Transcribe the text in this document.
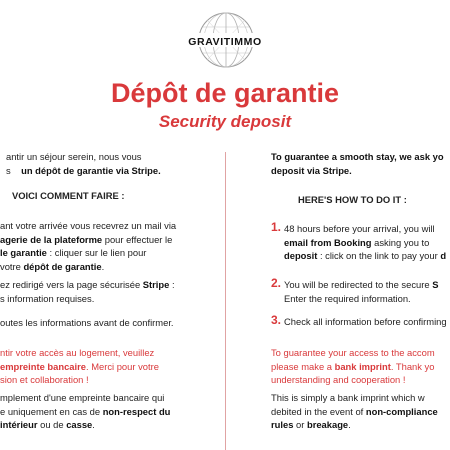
GRAVITIMMO
Dépôt de garantie
Security deposit
antir un séjour serein, nous vous
s un dépôt de garantie via Stripe.
VOICI COMMENT FAIRE :
ant votre arrivée vous recevrez un mail via
agerie de la plateforme pour effectuer le
le garantie : cliquer sur le lien pour
votre dépôt de garantie.
ez redirigé vers la page sécurisée Stripe :
s information requises.
outes les informations avant de confirmer.
ntir votre accès au logement, veuillez
empreinte bancaire. Merci pour votre
sion et collaboration !
mplement d'une empreinte bancaire qui
e uniquement en cas de non-respect du
intérieur ou de casse.
To guarantee a smooth stay, we ask yo
deposit via Stripe.
HERE'S HOW TO DO IT :
1. 48 hours before your arrival, you will
email from Booking asking you to
deposit : click on the link to pay your d
2. You will be redirected to the secure S
Enter the required information.
3. Check all information before confirming
To guarantee your access to the accom
please make a bank imprint. Thank yo
understanding and cooperation !
This is simply a bank imprint which w
debited in the event of non-compliance
rules or breakage.
